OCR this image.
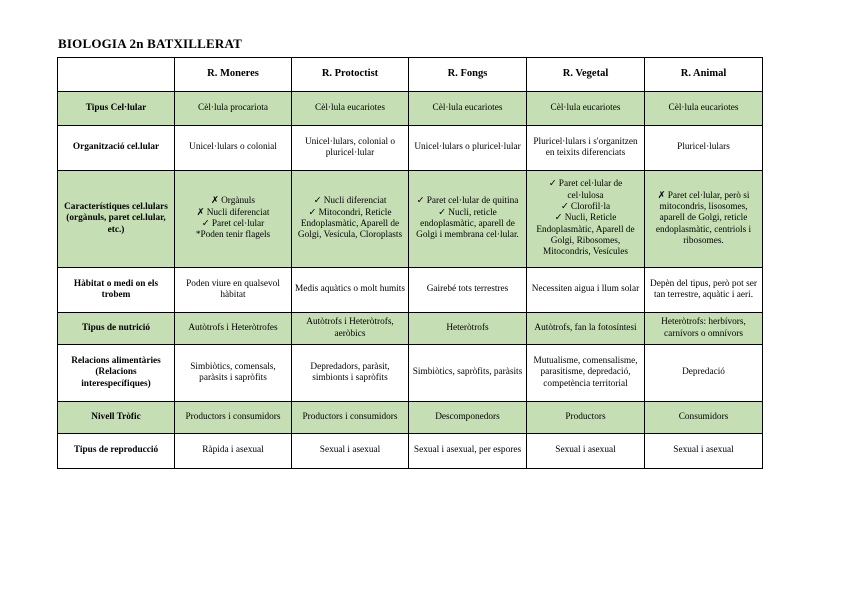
BIOLOGIA 2n BATXILLERAT
	R. Moneres	R. Protoctist	R. Fongs	R. Vegetal	R. Animal
Tipus Cel·lular	Cèl·lula procariota	Cèl·lula eucariotes	Cèl·lula eucariotes	Cèl·lula eucariotes	Cèl·lula eucariotes

Organització cel.lular	Unicel·lulars o colonial	Unicel·lulars, colonial o pluricel·lular	Unicel·lulars o pluricel·lular	Pluricel·lulars i s'organitzen en teixits diferenciats	Pluricel·lulars

Característiques cel.lulars (orgànuls, paret cel.lular, etc.)	✗ Orgànuls
✗ Nucli diferenciat
✓ Paret cel·lular
*Poden tenir flagels	✓ Nucli diferenciat
✓ Mitocondri, Reticle Endoplasmàtic, Aparell de Golgi, Vesícula, Cloroplasts	✓ Paret cel·lular de quitina
✓ Nucli, reticle endoplasmàtic, aparell de Golgi i membrana cel·lular.	✓ Paret cel·lular de cel·lulosa
✓ Clorofil·la
✓ Nucli, Reticle Endoplasmàtic, Aparell de Golgi, Ribosomes, Mitocondris, Vesícules	✗ Paret cel·lular, però si mitocondris, lisosomes, aparell de Golgi, reticle endoplasmàtic, centriols i ribosomes.

Hàbitat o medi on els trobem	Poden viure en qualsevol hàbitat	Medis aquàtics o molt humits	Gairebé tots terrestres	Necessiten aigua i llum solar	Depèn del tipus, però pot ser tan terrestre, aquàtic i aeri.

Tipus de nutrició	Autòtrofs i Heteròtrofes	Autòtrofs i Heteròtrofs, aeròbics	Heteròtrofs	Autòtrofs, fan la fotosíntesi	Heteròtrofs: herbívors, carnívors o omnívors

Relacions alimentàries (Relacions interespecífiques)	Simbiòtics, comensals, paràsits i sapròfits	Depredadors, paràsit, simbionts i sapròfits	Simbiòtics, sapròfits, paràsits	Mutualisme, comensalisme, parasitisme, depredació, competència territorial	Depredació

Nivell Tròfic	Productors i consumidors	Productors i consumidors	Descomponedors	Productors	Consumidors

Tipus de reproducció	Ràpida i asexual	Sexual i asexual	Sexual i asexual, per espores	Sexual i asexual	Sexual i asexual
